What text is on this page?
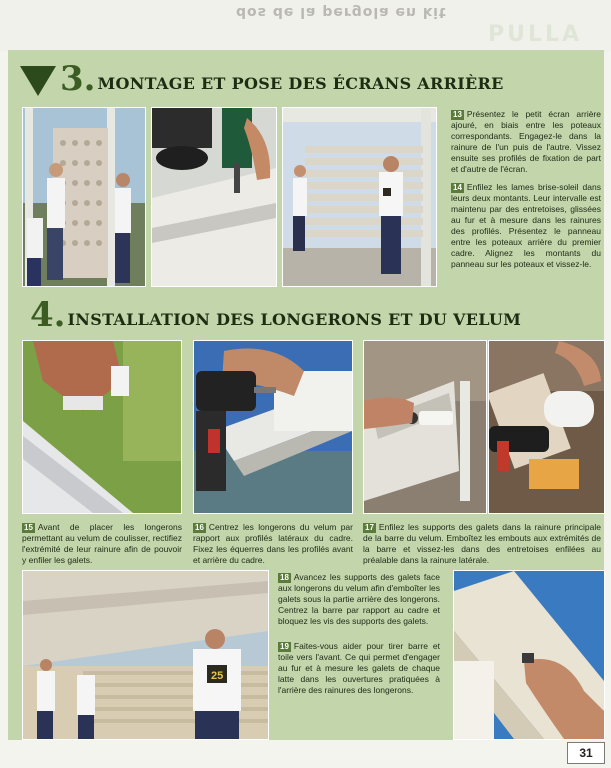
dos de la pergola en kit
PULLA
3. MONTAGE ET POSE DES ÉCRANS ARRIÈRE
13 Présentez le petit écran arrière ajouré, en biais entre les poteaux correspondants. Engagez-le dans la rainure de l'un puis de l'autre. Vissez ensuite ses profilés de fixation de part et d'autre de l'écran.
14 Enfilez les lames brise-soleil dans leurs deux montants. Leur intervalle est maintenu par des entretoises, glissées au fur et à mesure dans les rainures des profilés. Présentez le panneau entre les poteaux arrière du premier cadre. Alignez les montants du panneau sur les poteaux et vissez-le.
4. INSTALLATION DES LONGERONS ET DU VELUM
15 Avant de placer les longerons permettant au velum de coulisser, rectifiez l'extrémité de leur rainure afin de pouvoir y enfiler les galets.
16 Centrez les longerons du velum par rapport aux profilés latéraux du cadre. Fixez les équerres dans les profilés avant et arrière du cadre.
17 Enfilez les supports des galets dans la rainure principale de la barre du velum. Emboîtez les embouts aux extrémités de la barre et vissez-les dans des entretoises enfilées au préalable dans la rainure latérale.
25
18 Avancez les supports des galets face aux longerons du velum afin d'emboîter les galets sous la partie arrière des longerons. Centrez la barre par rapport au cadre et bloquez les vis des supports des galets.
19 Faites-vous aider pour tirer barre et toile vers l'avant. Ce qui permet d'engager au fur et à mesure les galets de chaque latte dans les ouvertures pratiquées à l'arrière des rainures des longerons.
31
